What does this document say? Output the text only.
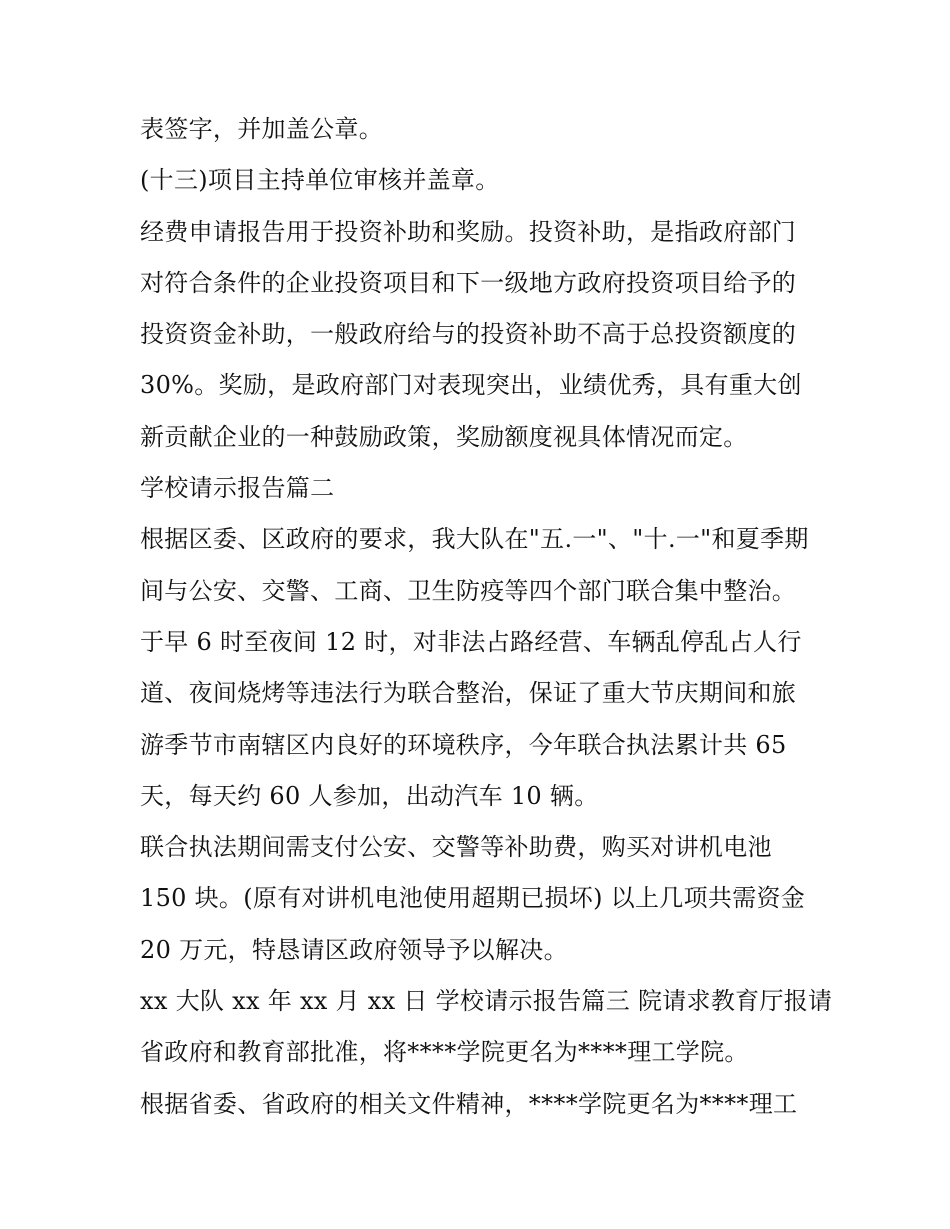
表签字，并加盖公章。
(十三)项目主持单位审核并盖章。
经费申请报告用于投资补助和奖励。投资补助，是指政府部门
对符合条件的企业投资项目和下一级地方政府投资项目给予的
投资资金补助，一般政府给与的投资补助不高于总投资额度的
30%。奖励，是政府部门对表现突出，业绩优秀，具有重大创
新贡献企业的一种鼓励政策，奖励额度视具体情况而定。
学校请示报告篇二
根据区委、区政府的要求，我大队在"五.一"、"十.一"和夏季期
间与公安、交警、工商、卫生防疫等四个部门联合集中整治。
于早 6 时至夜间 12 时，对非法占路经营、车辆乱停乱占人行
道、夜间烧烤等违法行为联合整治，保证了重大节庆期间和旅
游季节市南辖区内良好的环境秩序，今年联合执法累计共 65
天，每天约 60 人参加，出动汽车 10 辆。
联合执法期间需支付公安、交警等补助费，购买对讲机电池
150 块。(原有对讲机电池使用超期已损坏) 以上几项共需资金
20 万元，特恳请区政府领导予以解决。
xx 大队 xx 年 xx 月 xx 日 学校请示报告篇三 院请求教育厅报请
省政府和教育部批准，将****学院更名为****理工学院。
根据省委、省政府的相关文件精神，****学院更名为****理工
